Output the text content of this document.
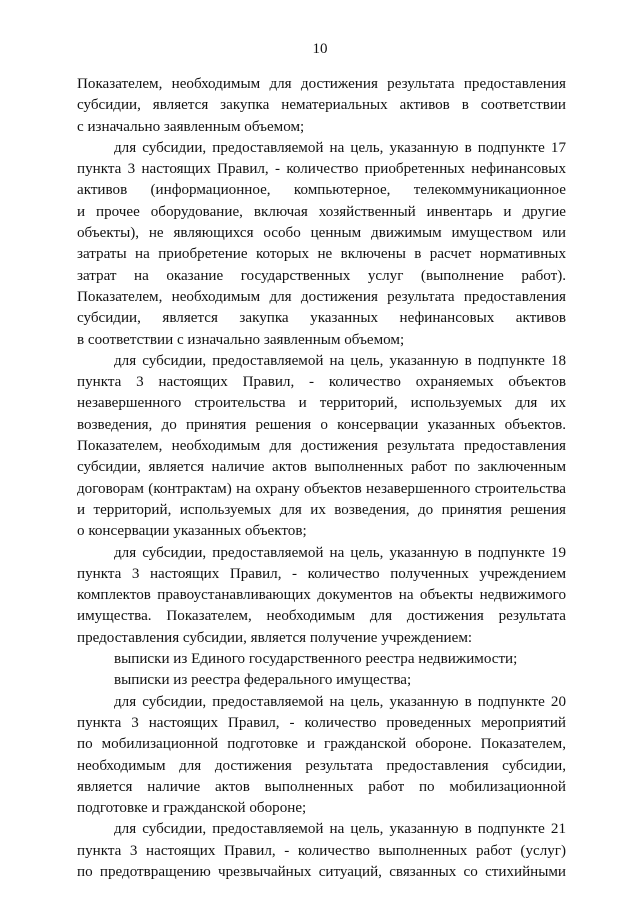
10
Показателем, необходимым для достижения результата предоставления
субсидии, является закупка нематериальных активов в соответствии
с изначально заявленным объемом;
для субсидии, предоставляемой на цель, указанную в подпункте 17
пункта 3 настоящих Правил, - количество приобретенных нефинансовых
активов (информационное, компьютерное, телекоммуникационное
и прочее оборудование, включая хозяйственный инвентарь и другие
объекты), не являющихся особо ценным движимым имуществом или
затраты на приобретение которых не включены в расчет нормативных
затрат на оказание государственных услуг (выполнение работ).
Показателем, необходимым для достижения результата предоставления
субсидии, является закупка указанных нефинансовых активов
в соответствии с изначально заявленным объемом;
для субсидии, предоставляемой на цель, указанную в подпункте 18
пункта 3 настоящих Правил, - количество охраняемых объектов
незавершенного строительства и территорий, используемых для их
возведения, до принятия решения о консервации указанных объектов.
Показателем, необходимым для достижения результата предоставления
субсидии, является наличие актов выполненных работ по заключенным
договорам (контрактам) на охрану объектов незавершенного строительства
и территорий, используемых для их возведения, до принятия решения
о консервации указанных объектов;
для субсидии, предоставляемой на цель, указанную в подпункте 19
пункта 3 настоящих Правил, - количество полученных учреждением
комплектов правоустанавливающих документов на объекты недвижимого
имущества. Показателем, необходимым для достижения результата
предоставления субсидии, является получение учреждением:
выписки из Единого государственного реестра недвижимости;
выписки из реестра федерального имущества;
для субсидии, предоставляемой на цель, указанную в подпункте 20
пункта 3 настоящих Правил, - количество проведенных мероприятий
по мобилизационной подготовке и гражданской обороне. Показателем,
необходимым для достижения результата предоставления субсидии,
является наличие актов выполненных работ по мобилизационной
подготовке и гражданской обороне;
для субсидии, предоставляемой на цель, указанную в подпункте 21
пункта 3 настоящих Правил, - количество выполненных работ (услуг)
по предотвращению чрезвычайных ситуаций, связанных со стихийными
